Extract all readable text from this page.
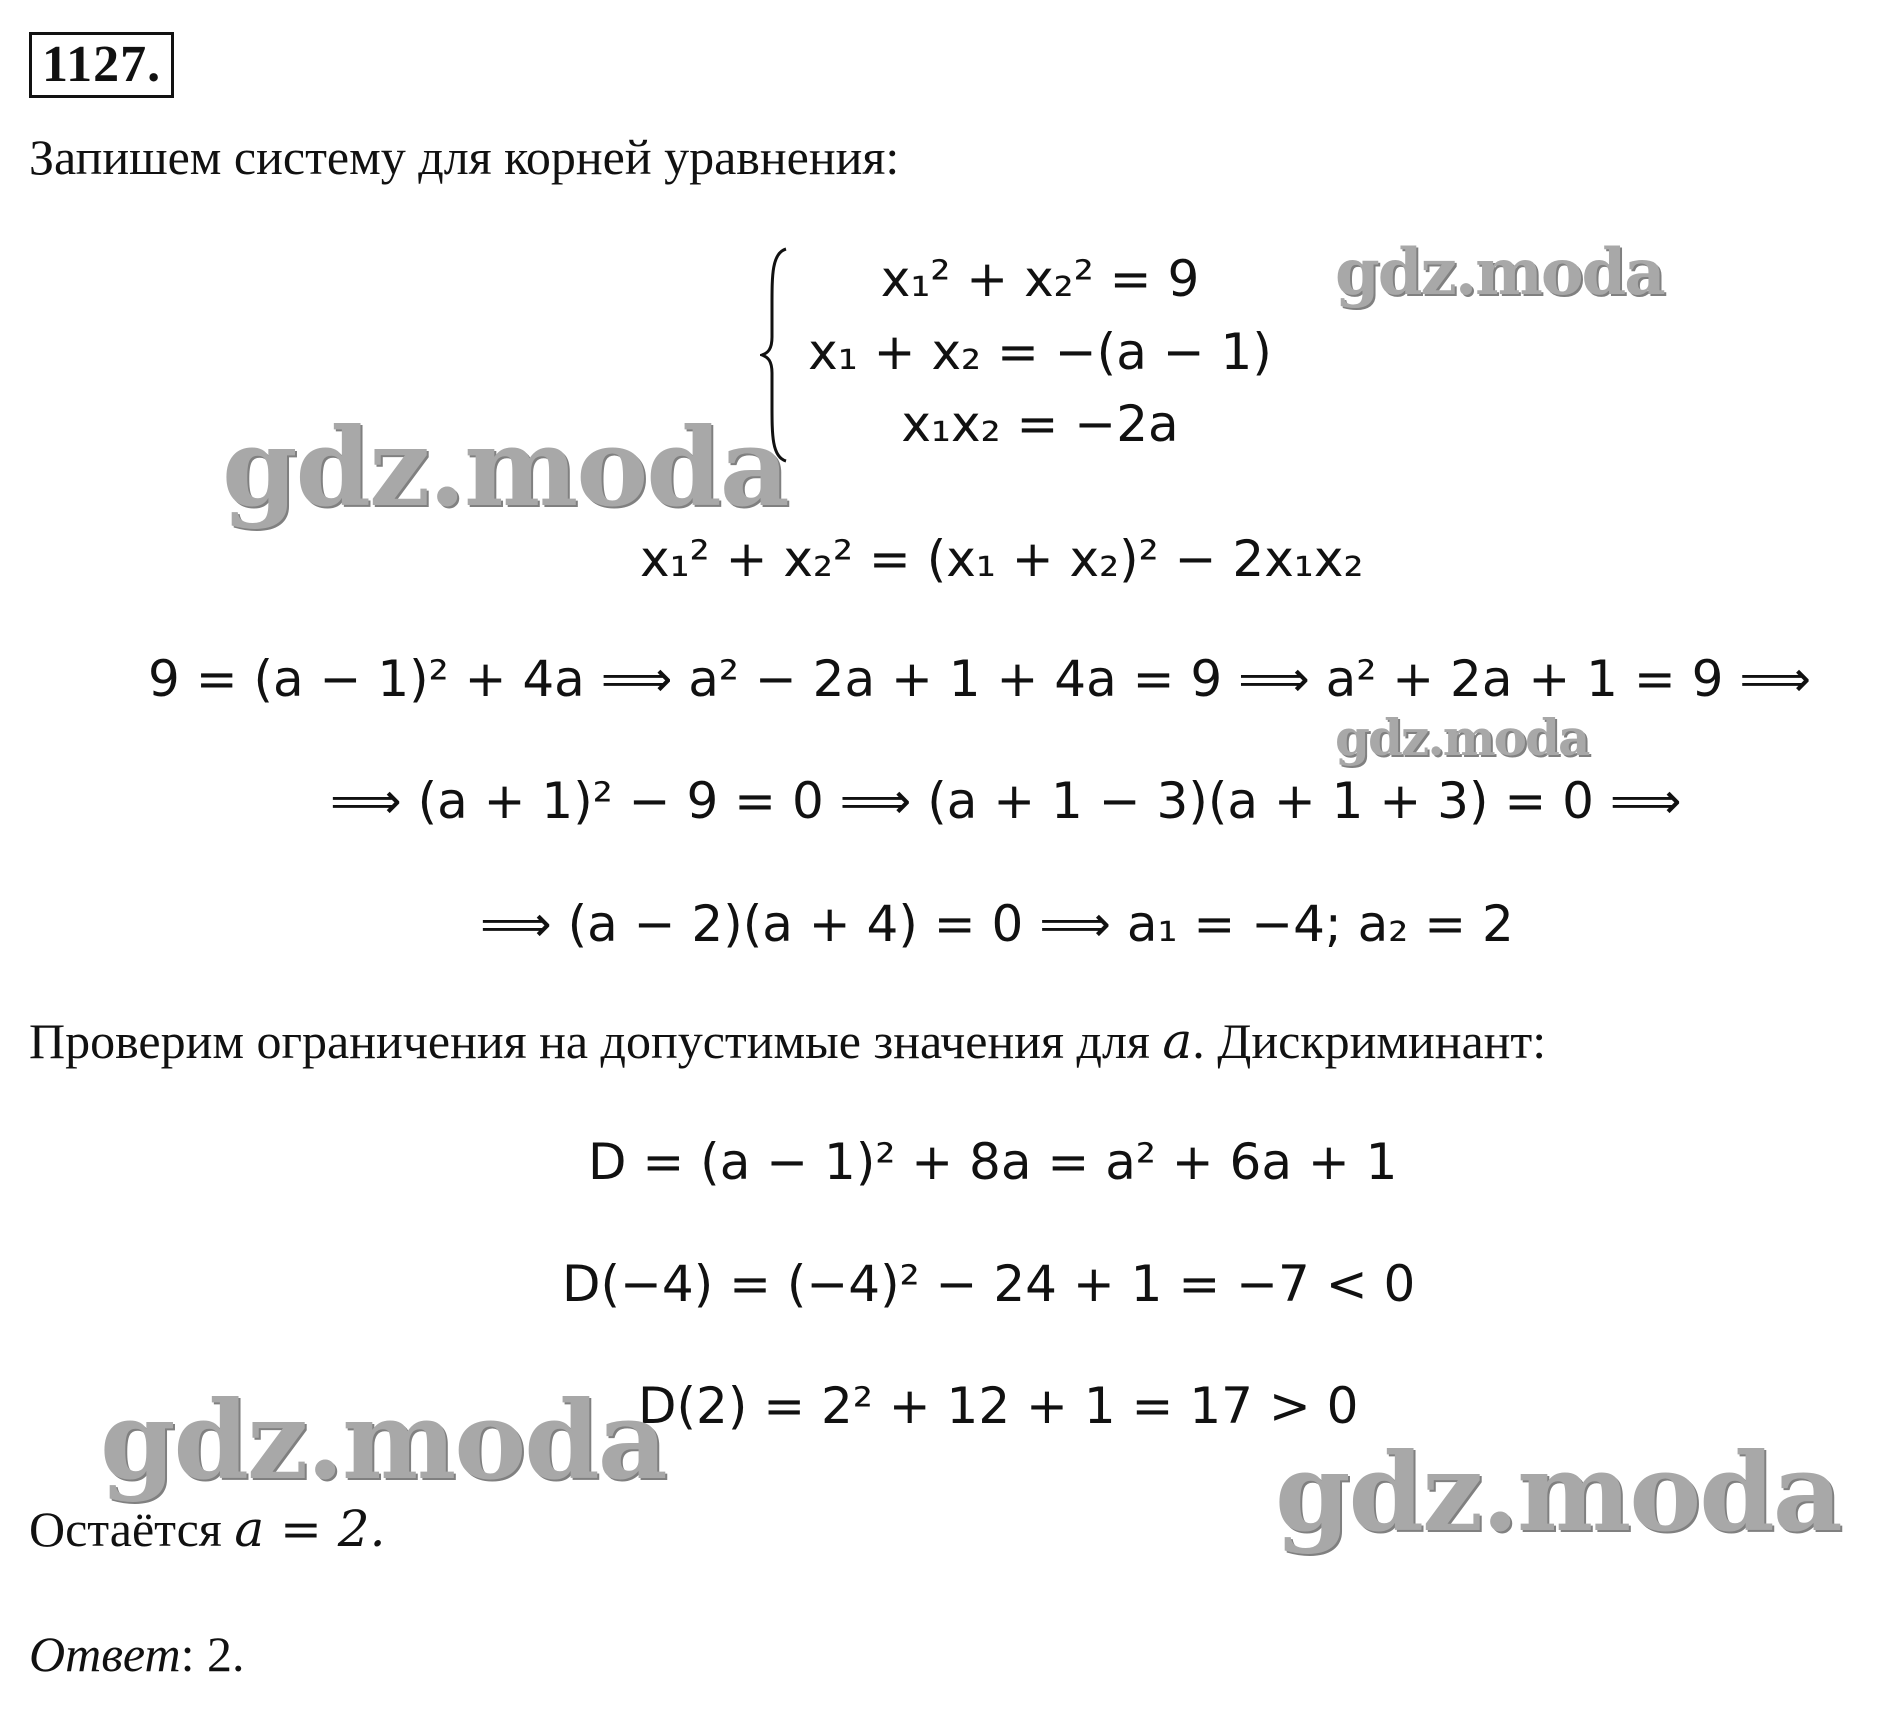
1127.
Запишем систему для корней уравнения:
x₁² + x₂² = 9
x₁ + x₂ = −(a − 1)
x₁x₂ = −2a
x₁² + x₂² = (x₁ + x₂)² − 2x₁x₂
9 = (a − 1)² + 4a ⟹ a² − 2a + 1 + 4a = 9 ⟹ a² + 2a + 1 = 9 ⟹
⟹ (a + 1)² − 9 = 0 ⟹ (a + 1 − 3)(a + 1 + 3) = 0 ⟹
⟹ (a − 2)(a + 4) = 0 ⟹ a₁ = −4; a₂ = 2
Проверим ограничения на допустимые значения для a. Дискриминант:
D = (a − 1)² + 8a = a² + 6a + 1
D(−4) = (−4)² − 24 + 1 = −7 < 0
D(2) = 2² + 12 + 1 = 17 > 0
Остаётся a = 2.
Ответ: 2.
gdz.moda
gdz.moda
gdz.moda
gdz.moda	gdz.moda
